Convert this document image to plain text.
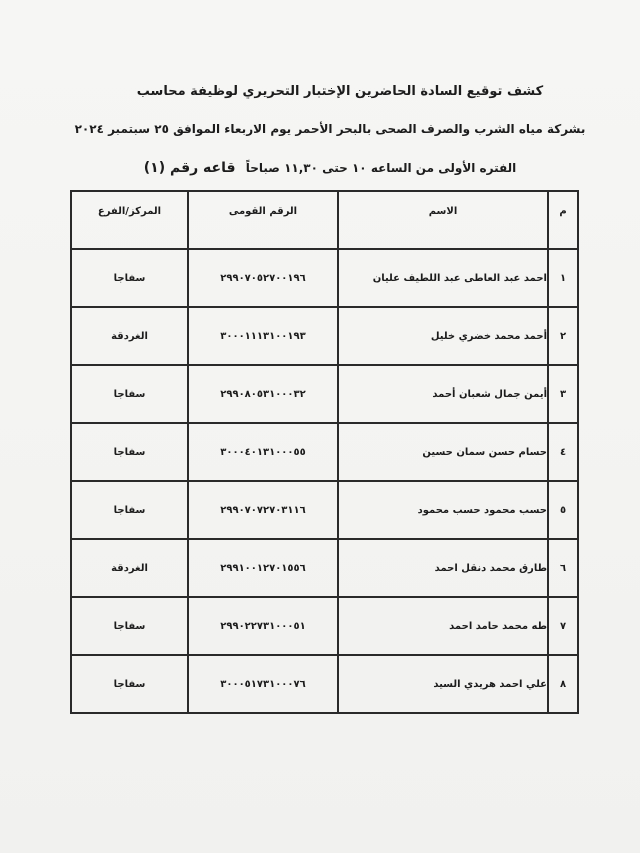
كشف توقيع السادة الحاضرين الإختبار التحريري لوظيفة محاسب
بشركة مياه الشرب والصرف الصحى بالبحر الأحمر يوم الاربعاء الموافق ٢٥ سبتمبر ٢٠٢٤
الفتره الأولى من الساعه ١٠ حتى ١١,٣٠ صباحاً قاعه رقم (١)
م	الاسم	الرقم القومى	المركز/الفرع
١	احمد عبد العاطى عبد اللطيف عليان	٢٩٩٠٧٠٥٢٧٠٠١٩٦	سفاجا
٢	أحمد محمد خضري خليل	٣٠٠٠١١١٣١٠٠١٩٣	الغردقة
٣	أيمن جمال شعبان أحمد	٢٩٩٠٨٠٥٣١٠٠٠٣٢	سفاجا
٤	حسام حسن سمان حسين	٣٠٠٠٤٠١٣١٠٠٠٥٥	سفاجا
٥	حسب محمود حسب محمود	٢٩٩٠٧٠٧٢٧٠٣١١٦	سفاجا
٦	طارق محمد دنقل احمد	٢٩٩١٠٠١٢٧٠١٥٥٦	الغردقة
٧	طه محمد حامد احمد	٢٩٩٠٢٢٧٣١٠٠٠٥١	سفاجا
٨	علي احمد هريدي السيد	٣٠٠٠٥١٧٣١٠٠٠٧٦	سفاجا
